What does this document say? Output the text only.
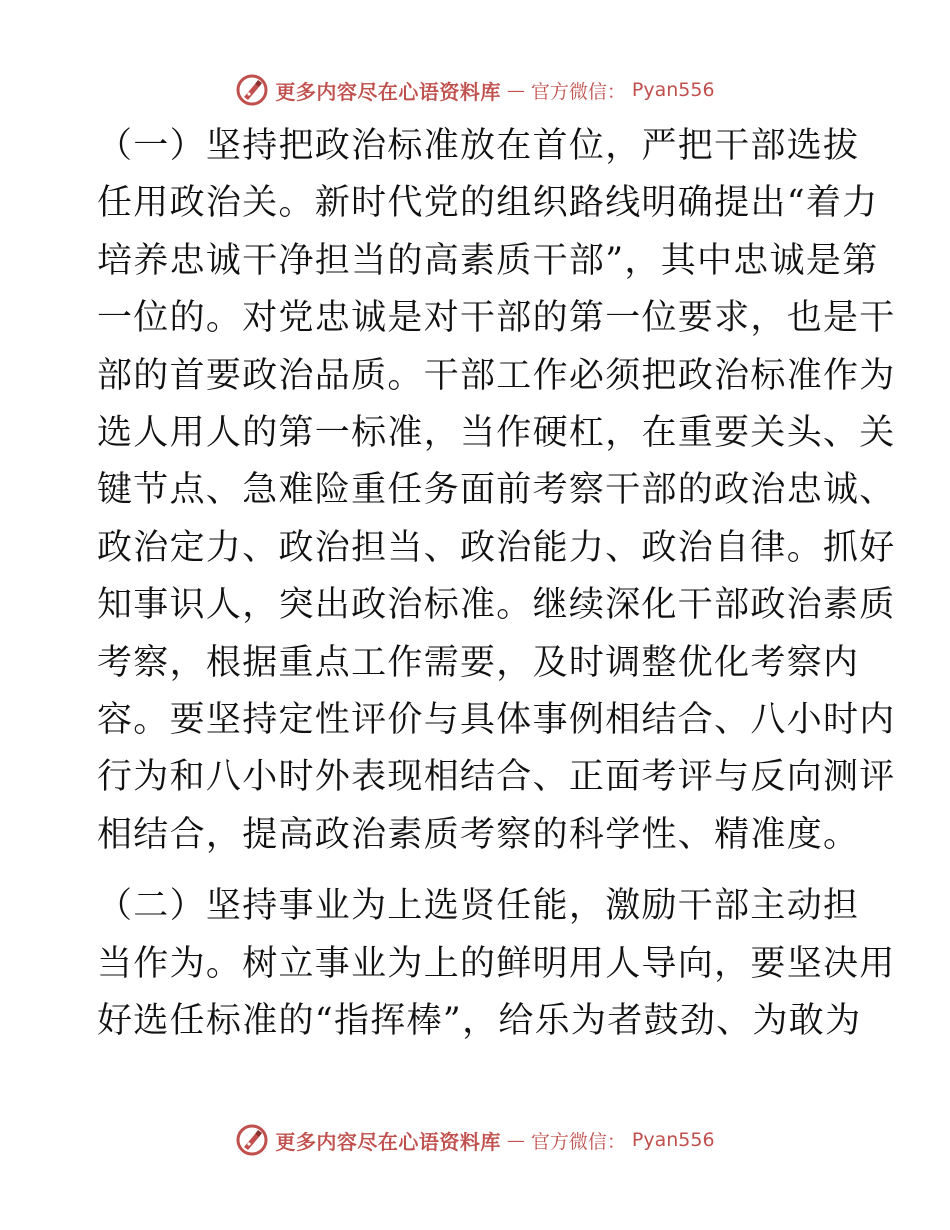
更多内容尽在心语资料库 — 官方微信： Pyan556

（一）坚持把政治标准放在首位，严把干部选拔
任用政治关。新时代党的组织路线明确提出“着力
培养忠诚干净担当的高素质干部”，其中忠诚是第
一位的。对党忠诚是对干部的第一位要求，也是干
部的首要政治品质。干部工作必须把政治标准作为
选人用人的第一标准，当作硬杠，在重要关头、关
键节点、急难险重任务面前考察干部的政治忠诚、
政治定力、政治担当、政治能力、政治自律。抓好
知事识人，突出政治标准。继续深化干部政治素质
考察，根据重点工作需要，及时调整优化考察内
容。要坚持定性评价与具体事例相结合、八小时内
行为和八小时外表现相结合、正面考评与反向测评
相结合，提高政治素质考察的科学性、精准度。

（二）坚持事业为上选贤任能，激励干部主动担
当作为。树立事业为上的鲜明用人导向，要坚决用
好选任标准的“指挥棒”，给乐为者鼓劲、为敢为

更多内容尽在心语资料库 — 官方微信： Pyan556
